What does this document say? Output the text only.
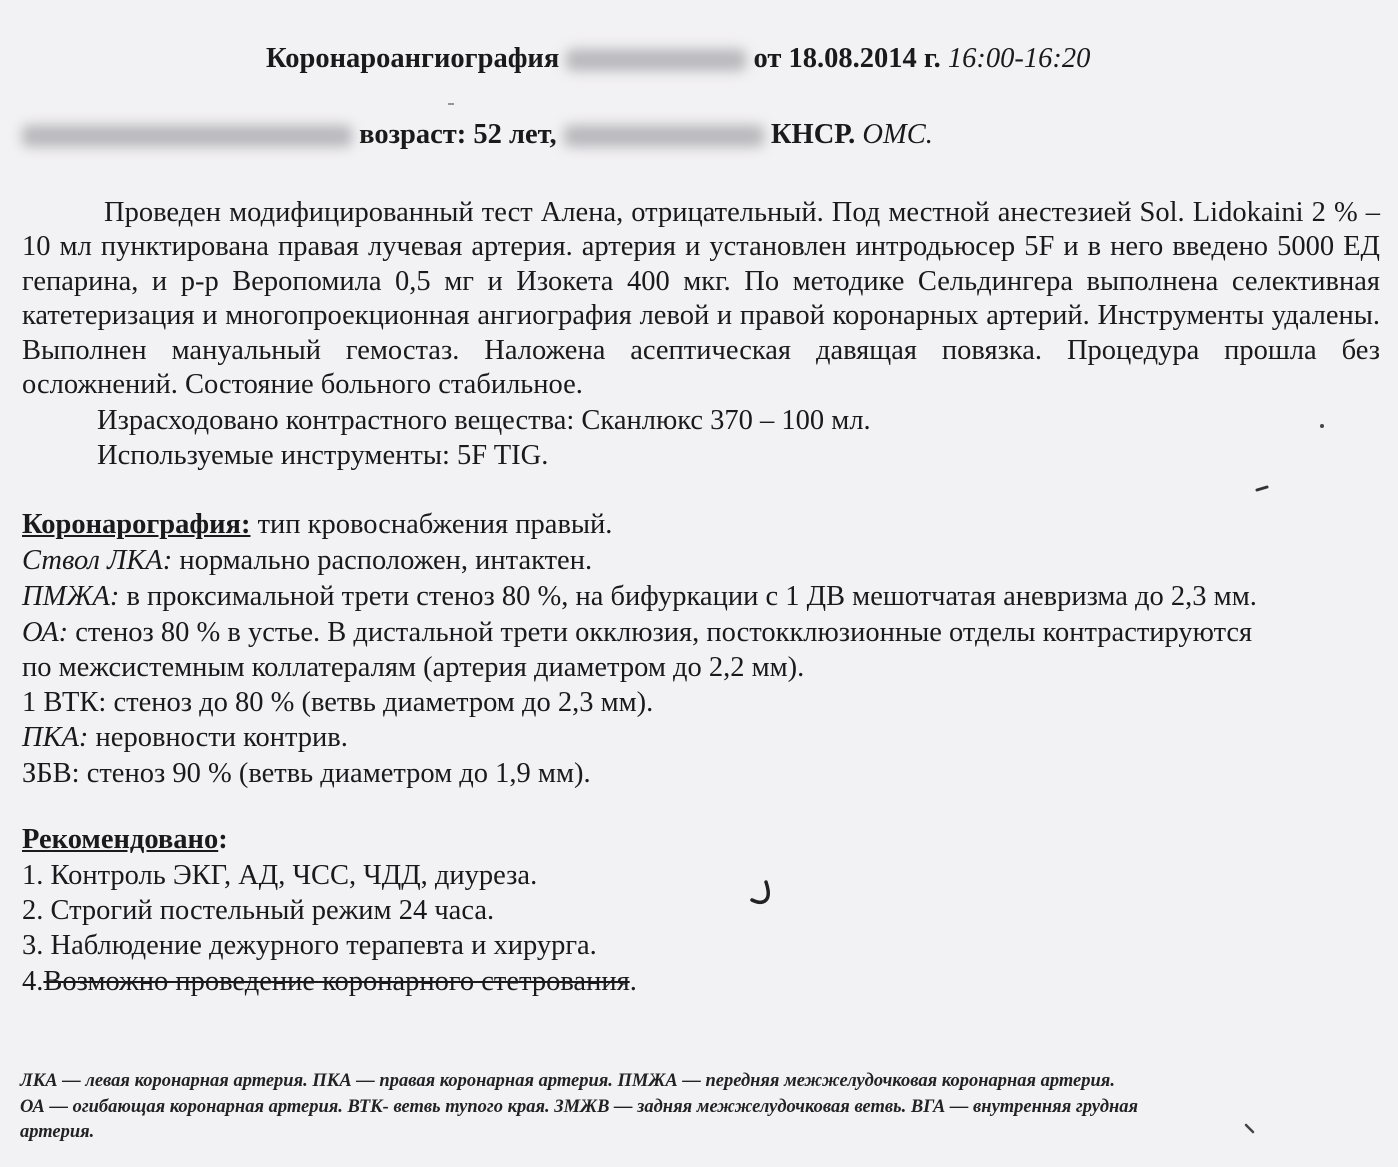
Коронароангиография	от 18.08.2014 г. 16:00-16:20
возраст: 52 лет,	КНСР. ОМС.
Проведен модифицированный тест Алена, отрицательный. Под местной анестезией Sol. Lidokaini 2 % – 10 мл пунктирована правая лучевая артерия. артерия и установлен интродьюсер 5F и в него введено 5000 ЕД гепарина, и р-р Веропомила 0,5 мг и Изокета 400 мкг. По методике Сельдингера выполнена селективная катетеризация и многопроекционная ангиография левой и правой коронарных артерий. Инструменты удалены. Выполнен мануальный гемостаз. Наложена асептическая давящая повязка. Процедура прошла без осложнений. Состояние больного стабильное.
Израсходовано контрастного вещества: Сканлюкс 370 – 100 мл.
Используемые инструменты: 5F TIG.
Коронарография: тип кровоснабжения правый.
Ствол ЛКА: нормально расположен, интактен.
ПМЖА: в проксимальной трети стеноз 80 %, на бифуркации с 1 ДВ мешотчатая аневризма до 2,3 мм.
ОА: стеноз 80 % в устье. В дистальной трети окклюзия, постокклюзионные отделы контрастируются
по межсистемным коллатералям (артерия диаметром до 2,2 мм).
1 ВТК: стеноз до 80 % (ветвь диаметром до 2,3 мм).
ПКА: неровности контрив.
ЗБВ: стеноз 90 % (ветвь диаметром до 1,9 мм).
Рекомендовано:
1. Контроль ЭКГ, АД, ЧСС, ЧДД, диуреза.
2. Строгий постельный режим 24 часа.
3. Наблюдение дежурного терапевта и хирурга.
4.Возможно проведение коронарного стетрования.
ЛКА — левая коронарная артерия. ПКА — правая коронарная артерия. ПМЖА — передняя межжелудочковая коронарная артерия.
ОА — огибающая коронарная артерия. ВТК- ветвь тупого края. ЗМЖВ — задняя межжелудочковая ветвь. ВГА — внутренняя грудная
артерия.
